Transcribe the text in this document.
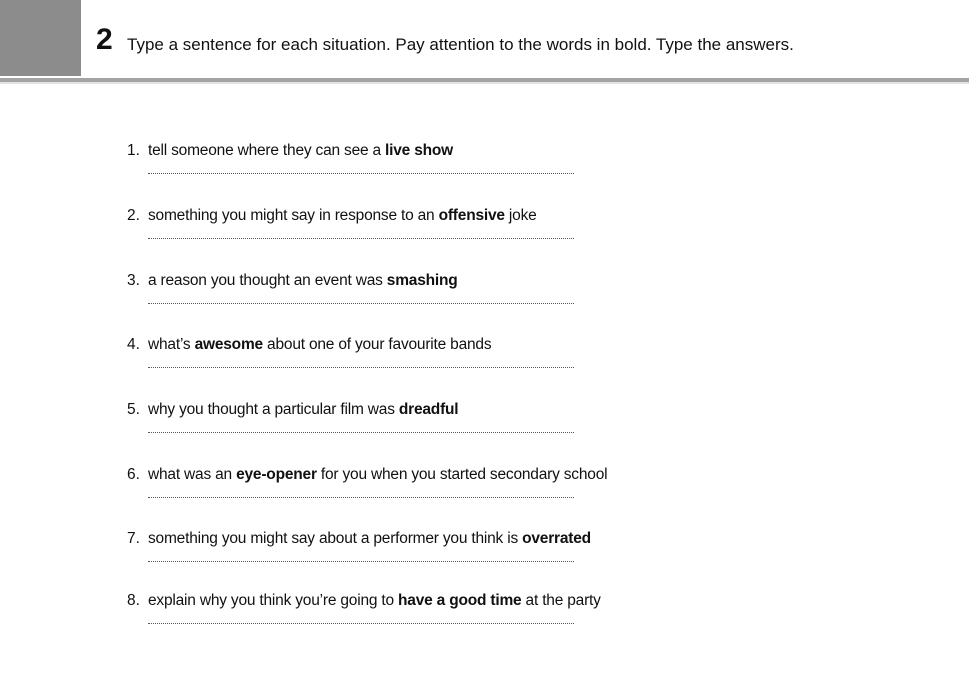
2 Type a sentence for each situation. Pay attention to the words in bold. Type the answers.
1. tell someone where they can see a live show
2. something you might say in response to an offensive joke
3. a reason you thought an event was smashing
4. what’s awesome about one of your favourite bands
5. why you thought a particular film was dreadful
6. what was an eye-opener for you when you started secondary school
7. something you might say about a performer you think is overrated
8. explain why you think you’re going to have a good time at the party
